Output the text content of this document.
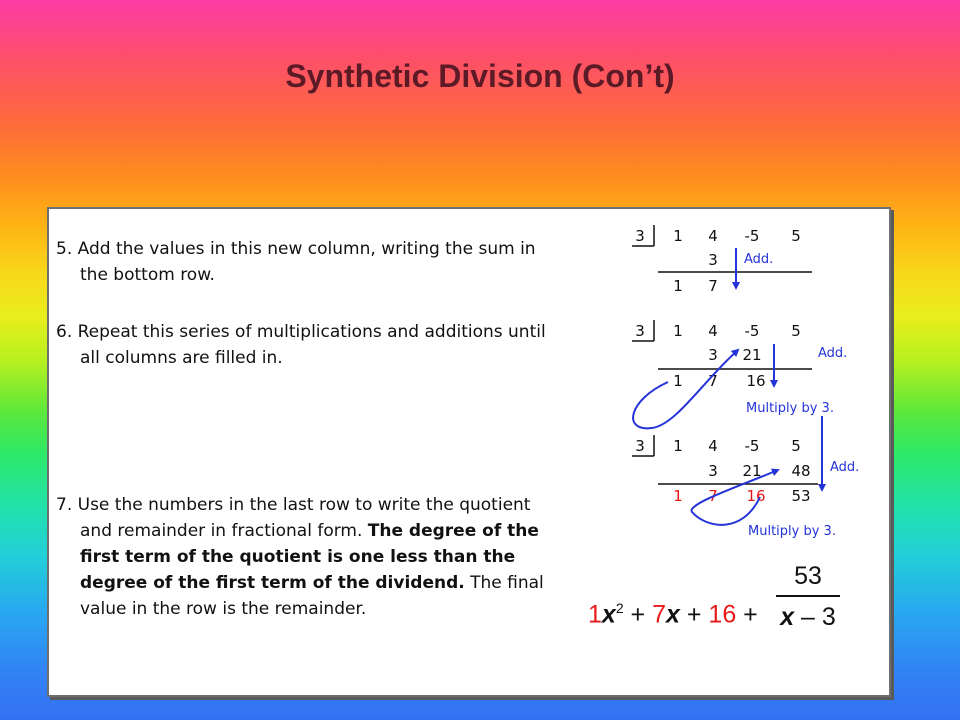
Synthetic Division (Con’t)

5. Add the values in this new column, writing the sum in the bottom row.

6. Repeat this series of multiplications and additions until all columns are filled in.

7. Use the numbers in the last row to write the quotient and remainder in fractional form. The degree of the first term of the quotient is one less than the degree of the first term of the dividend. The final value in the row is the remainder.

3 1 4 -5 5
3
1 7
Add.
3 1 4 -5 5
3 21
1 7 16
Add.
Multiply by 3.
3 1 4 -5 5
3 21 48
1 7 16 53
Add.
Multiply by 3.
$1x^2 + 7x + 16 + \frac{53}{x - 3}$
